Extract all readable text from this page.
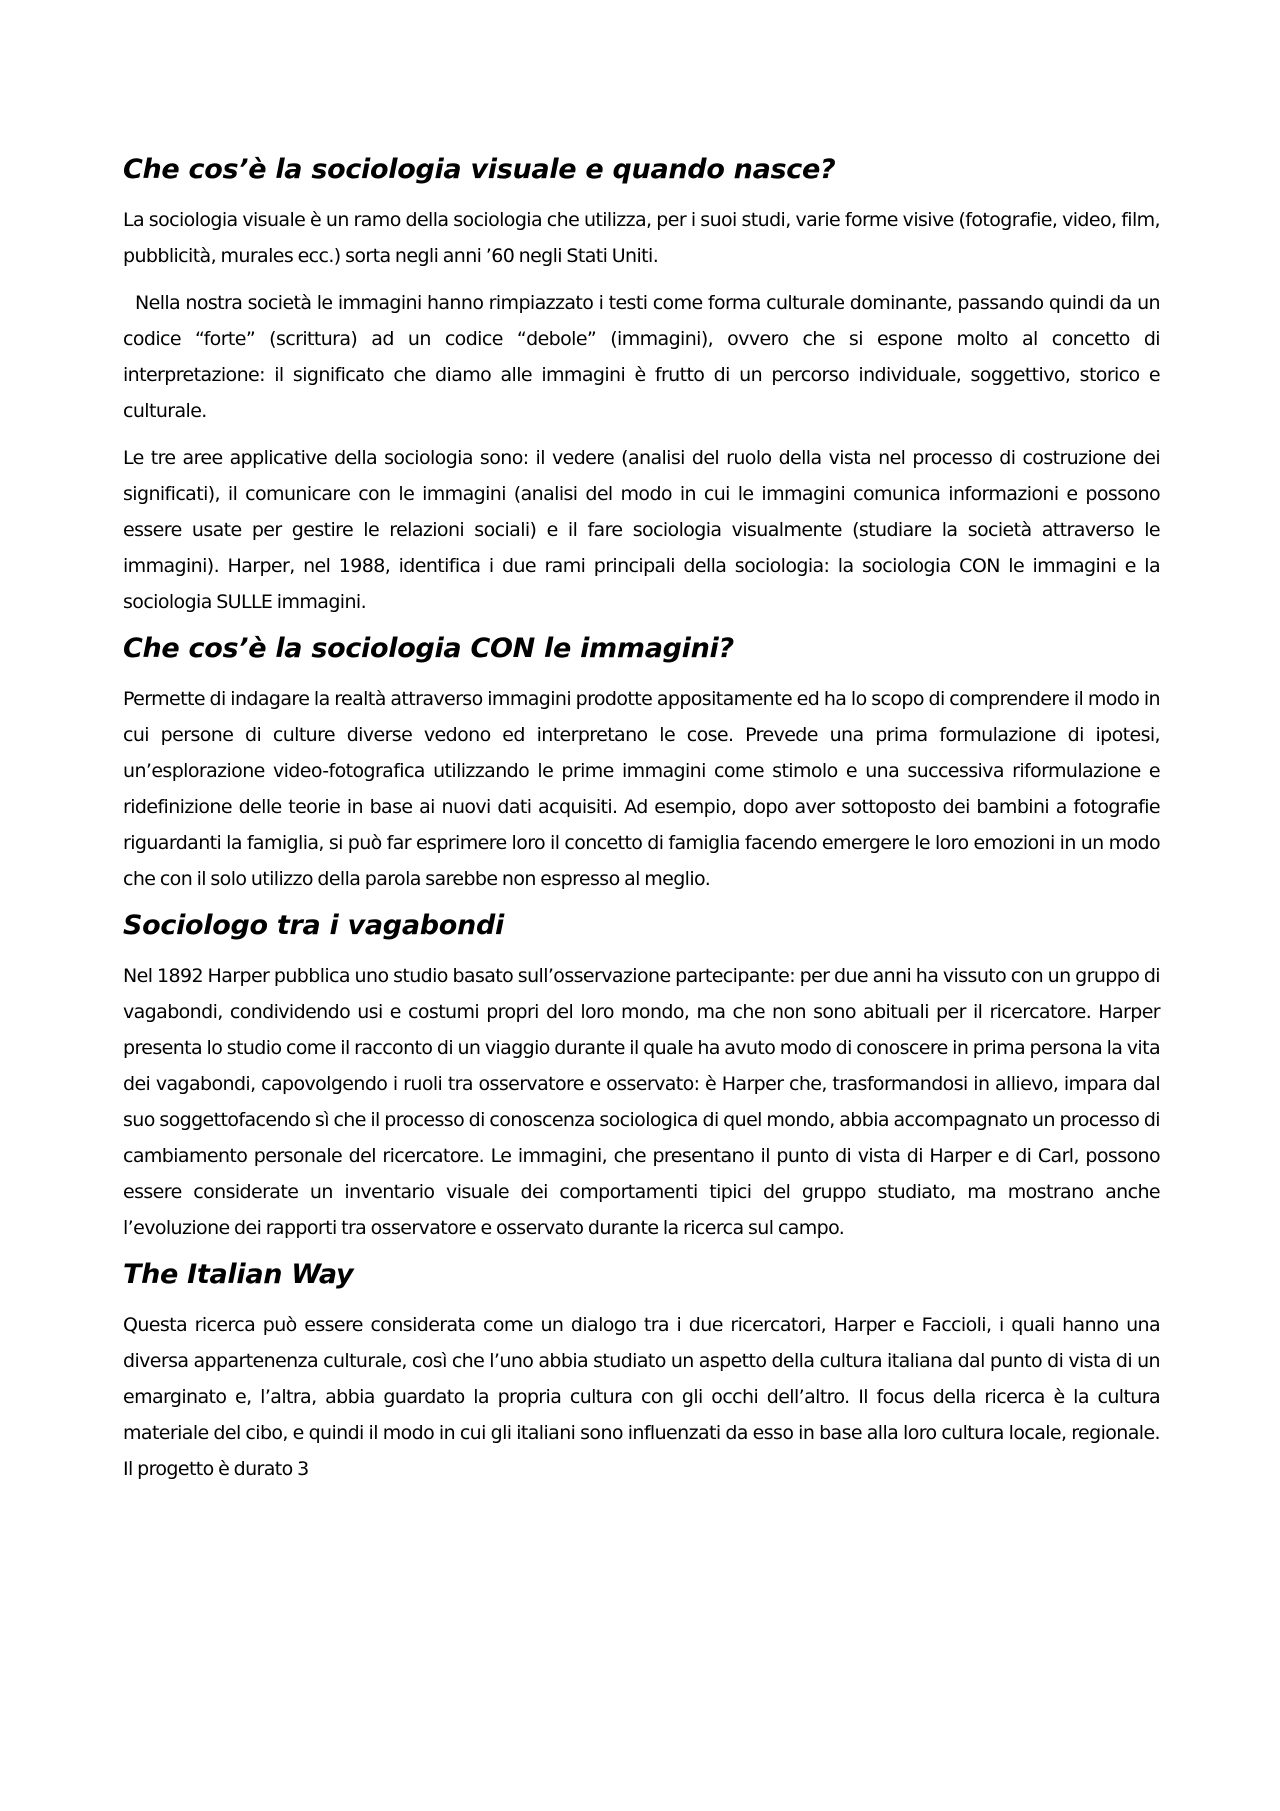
Che cos’è la sociologia visuale e quando nasce?

La sociologia visuale è un ramo della sociologia che utilizza, per i suoi studi, varie forme visive (fotografie, video, film, pubblicità, murales ecc.) sorta negli anni ’60 negli Stati Uniti.

Nella nostra società le immagini hanno rimpiazzato i testi come forma culturale dominante, passando quindi da un codice “forte” (scrittura) ad un codice “debole” (immagini), ovvero che si espone molto al concetto di interpretazione: il significato che diamo alle immagini è frutto di un percorso individuale, soggettivo, storico e culturale.

Le tre aree applicative della sociologia sono: il vedere (analisi del ruolo della vista nel processo di costruzione dei significati), il comunicare con le immagini (analisi del modo in cui le immagini comunica informazioni e possono essere usate per gestire le relazioni sociali) e il fare sociologia visualmente (studiare la società attraverso le immagini). Harper, nel 1988, identifica i due rami principali della sociologia: la sociologia CON le immagini e la sociologia SULLE immagini.

Che cos’è la sociologia CON le immagini?

Permette di indagare la realtà attraverso immagini prodotte appositamente ed ha lo scopo di comprendere il modo in cui persone di culture diverse vedono ed interpretano le cose. Prevede una prima formulazione di ipotesi, un’esplorazione video-fotografica utilizzando le prime immagini come stimolo e una successiva riformulazione e ridefinizione delle teorie in base ai nuovi dati acquisiti. Ad esempio, dopo aver sottoposto dei bambini a fotografie riguardanti la famiglia, si può far esprimere loro il concetto di famiglia facendo emergere le loro emozioni in un modo che con il solo utilizzo della parola sarebbe non espresso al meglio.

Sociologo tra i vagabondi

Nel 1892 Harper pubblica uno studio basato sull’osservazione partecipante: per due anni ha vissuto con un gruppo di vagabondi, condividendo usi e costumi propri del loro mondo, ma che non sono abituali per il ricercatore. Harper presenta lo studio come il racconto di un viaggio durante il quale ha avuto modo di conoscere in prima persona la vita dei vagabondi, capovolgendo i ruoli tra osservatore e osservato: è Harper che, trasformandosi in allievo, impara dal suo soggettofacendo sì che il processo di conoscenza sociologica di quel mondo, abbia accompagnato un processo di cambiamento personale del ricercatore. Le immagini, che presentano il punto di vista di Harper e di Carl, possono essere considerate un inventario visuale dei comportamenti tipici del gruppo studiato, ma mostrano anche l’evoluzione dei rapporti tra osservatore e osservato durante la ricerca sul campo.

The Italian Way

Questa ricerca può essere considerata come un dialogo tra i due ricercatori, Harper e Faccioli, i quali hanno una diversa appartenenza culturale, così che l’uno abbia studiato un aspetto della cultura italiana dal punto di vista di un emarginato e, l’altra, abbia guardato la propria cultura con gli occhi dell’altro. Il focus della ricerca è la cultura materiale del cibo, e quindi il modo in cui gli italiani sono influenzati da esso in base alla loro cultura locale, regionale. Il progetto è durato 3
